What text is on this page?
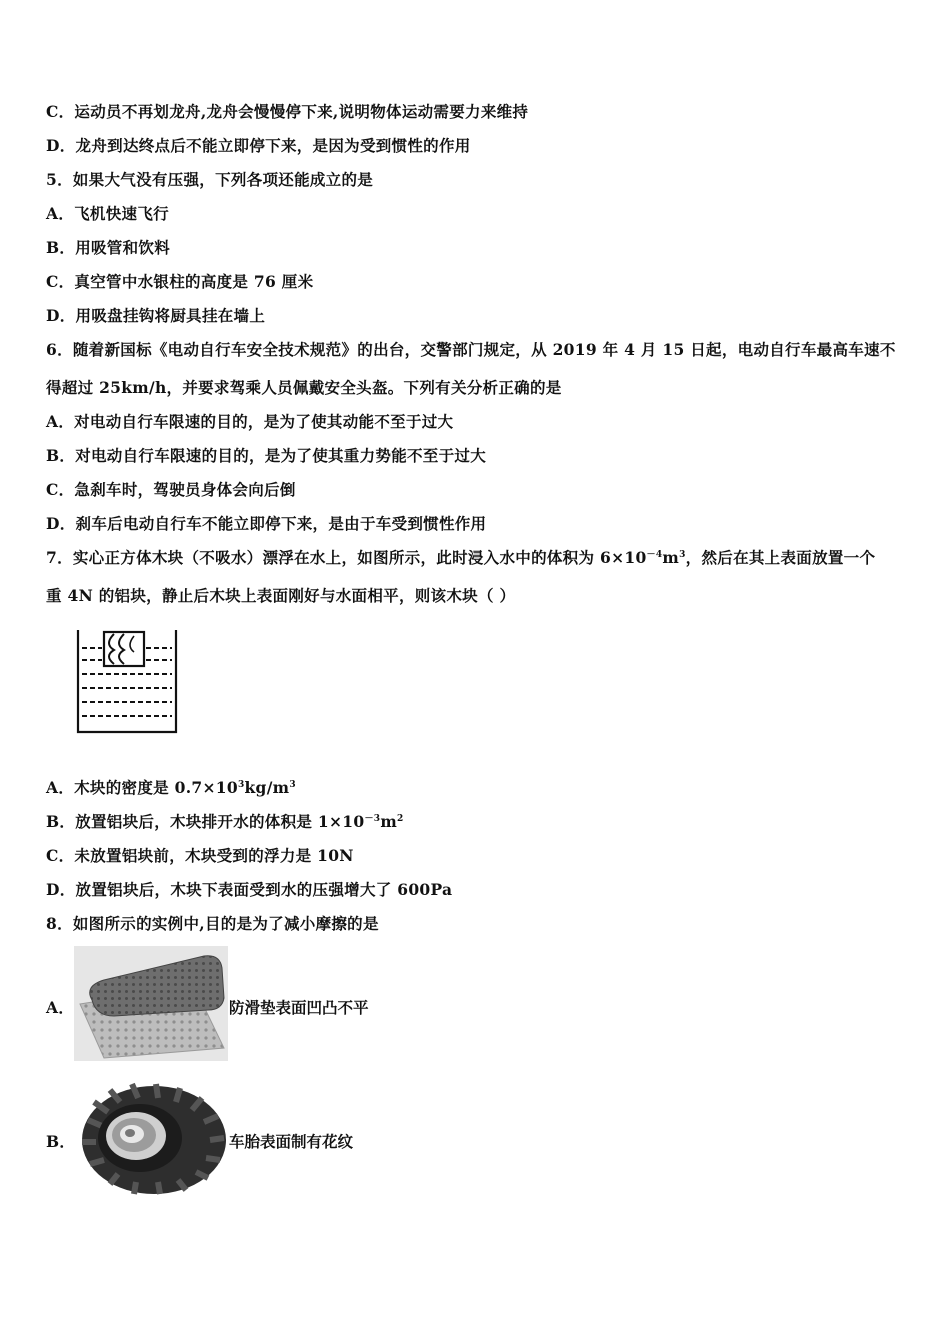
C．运动员不再划龙舟,龙舟会慢慢停下来,说明物体运动需要力来维持
D．龙舟到达终点后不能立即停下来，是因为受到惯性的作用
5．如果大气没有压强，下列各项还能成立的是
A．飞机快速飞行
B．用吸管和饮料
C．真空管中水银柱的高度是 76 厘米
D．用吸盘挂钩将厨具挂在墙上
6．随着新国标《电动自行车安全技术规范》的出台，交警部门规定，从 2019 年 4 月 15 日起，电动自行车最高车速不
得超过 25km/h，并要求驾乘人员佩戴安全头盔。下列有关分析正确的是
A．对电动自行车限速的目的，是为了使其动能不至于过大
B．对电动自行车限速的目的，是为了使其重力势能不至于过大
C．急刹车时，驾驶员身体会向后倒
D．刹车后电动自行车不能立即停下来，是由于车受到惯性作用
7．实心正方体木块（不吸水）漂浮在水上，如图所示，此时浸入水中的体积为 $6\times 10^{-4}m^3$，然后在其上表面放置一个
重 4N 的铝块，静止后木块上表面刚好与水面相平，则该木块（ ）
A．木块的密度是 $0.7\times 10^3kg/m^3$
B．放置铝块后，木块排开水的体积是 $1\times 10^{-3}m^2$
C．未放置铝块前，木块受到的浮力是 10N
D．放置铝块后，木块下表面受到水的压强增大了 600Pa
8．如图所示的实例中,目的是为了减小摩擦的是
A．	防滑垫表面凹凸不平
B．	车胎表面制有花纹
